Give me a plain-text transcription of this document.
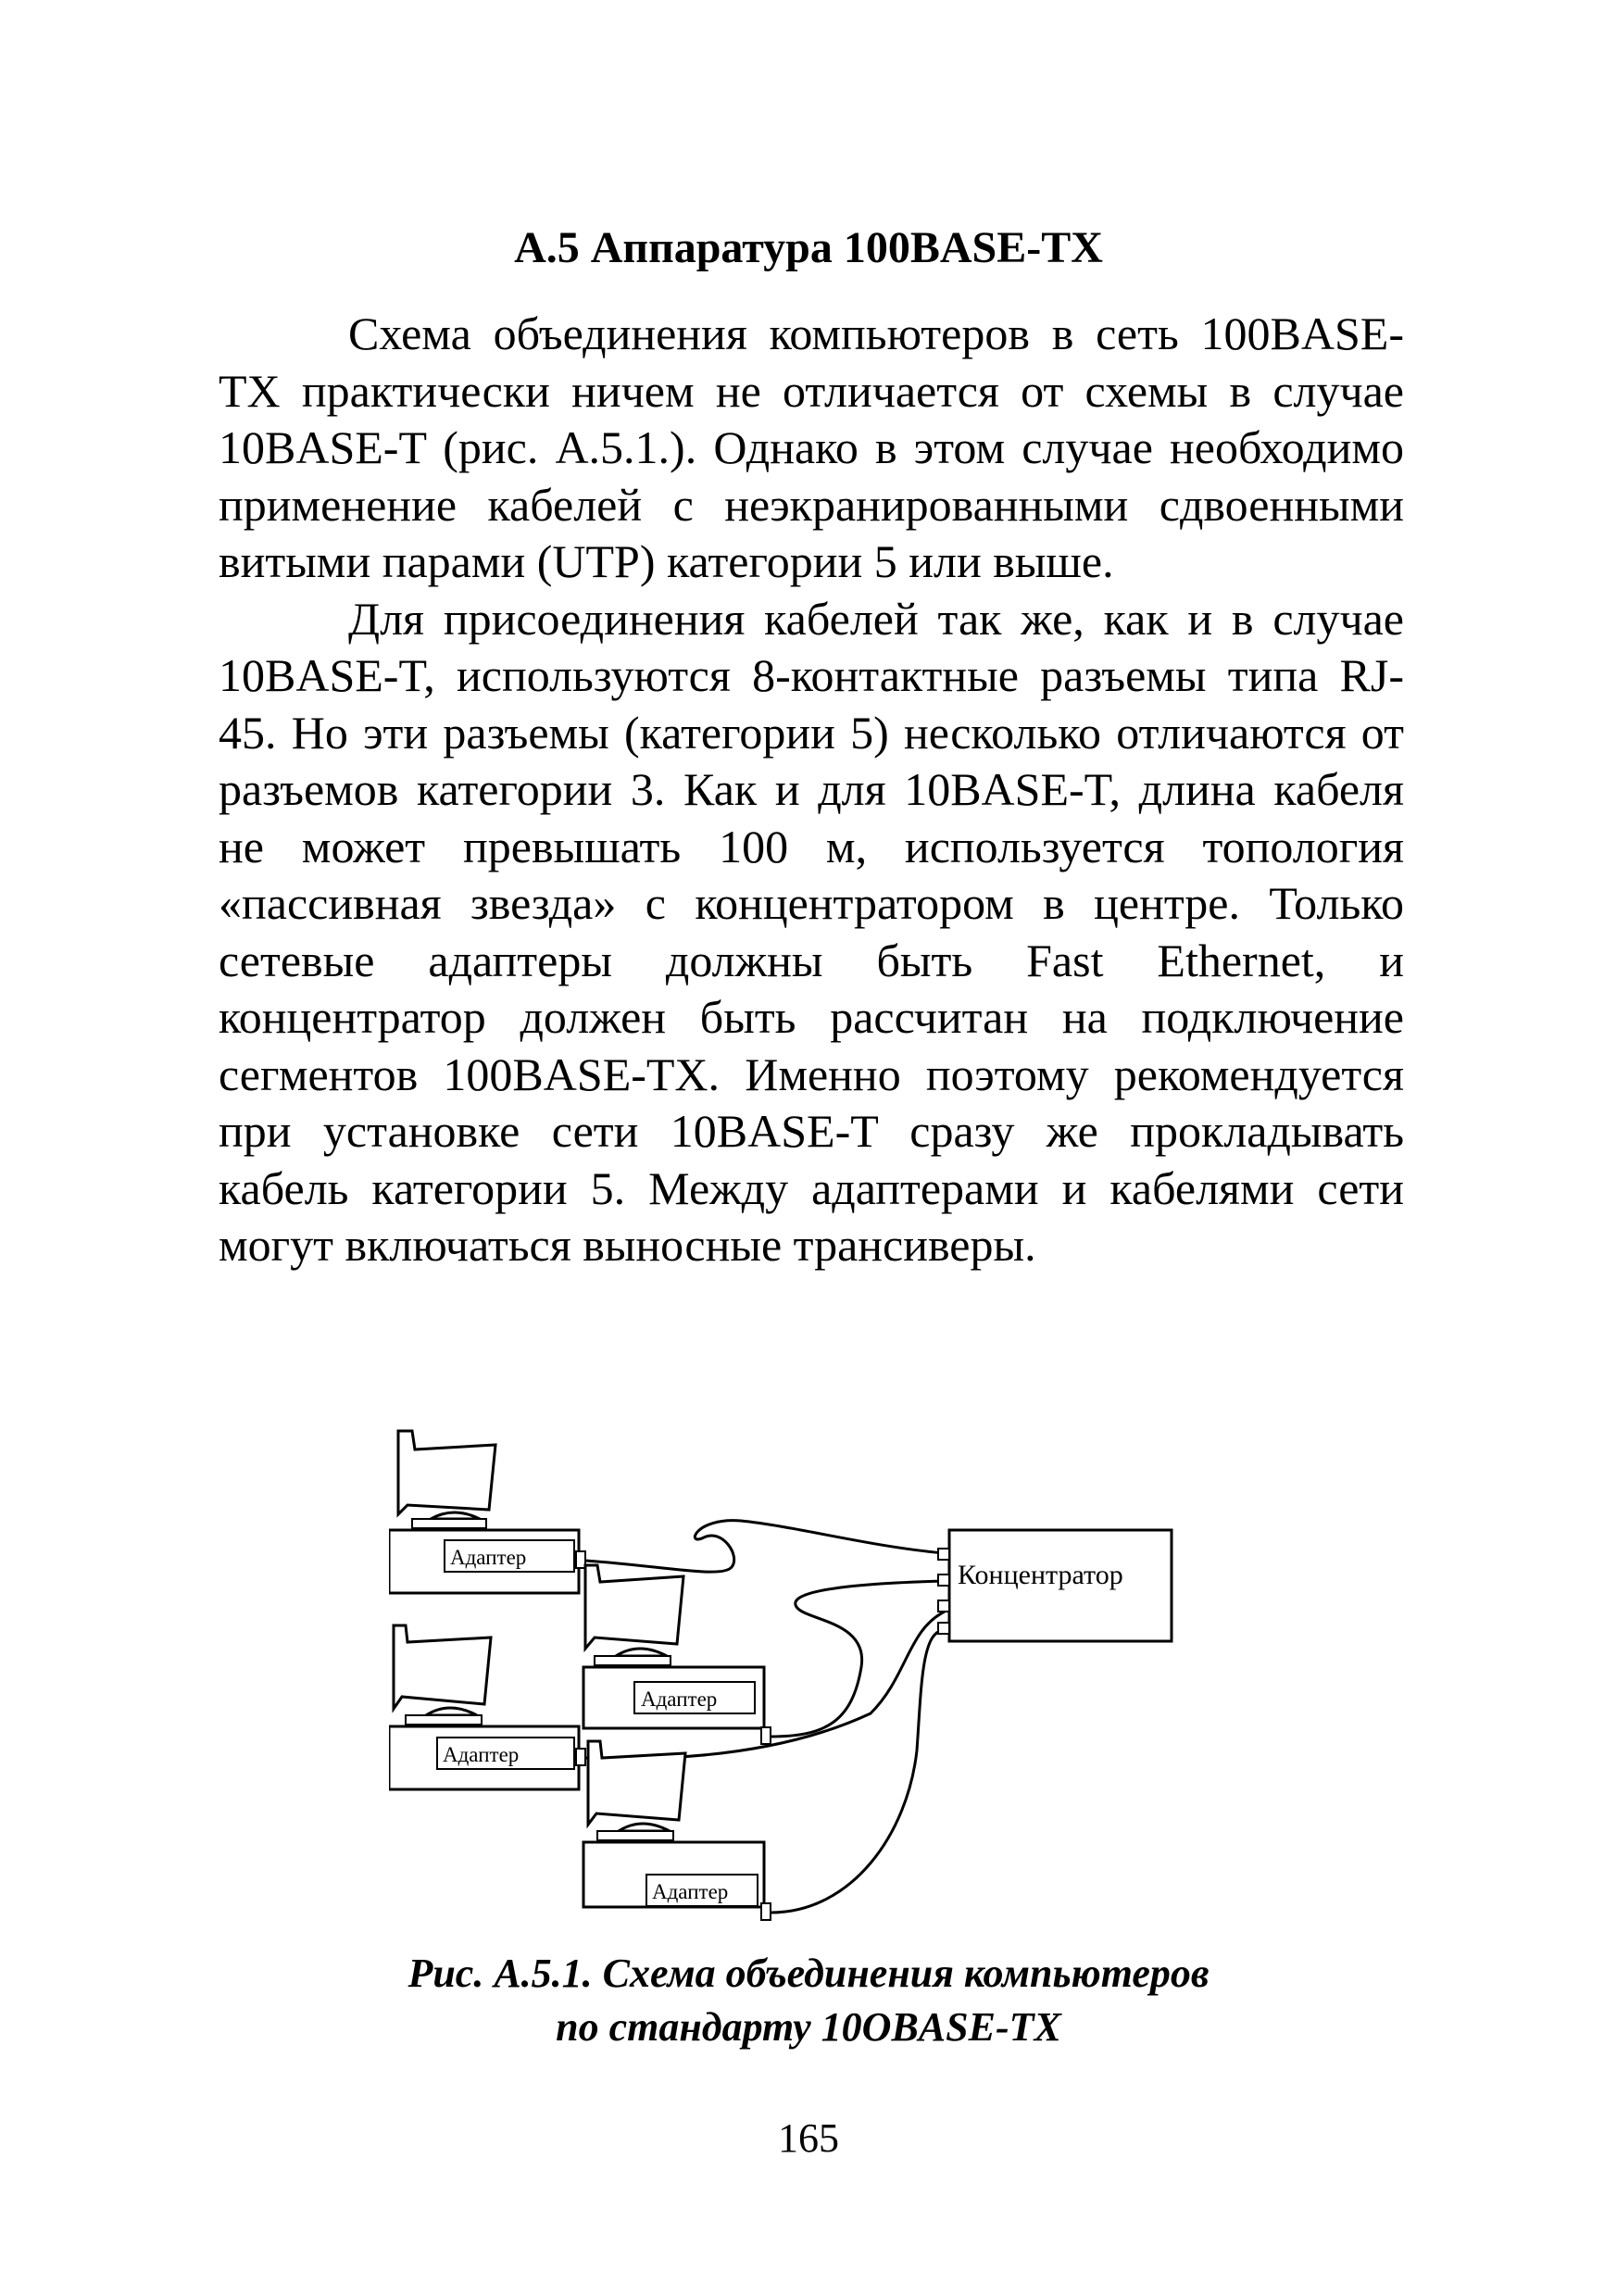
А.5 Аппаратура 100BASE-TX

Схема объединения компьютеров в сеть 100BASE-TX практически ничем не отличается от схемы в случае 10BASE-T (рис. А.5.1.). Однако в этом случае необходимо применение кабелей с неэкранированными сдвоенными витыми парами (UTP) категории 5 или выше.

Для присоединения кабелей так же, как и в случае 10BASE-T, используются 8-контактные разъемы типа RJ-45. Но эти разъемы (категории 5) несколько отличаются от разъемов категории 3. Как и для 10BASE-T, длина кабеля не может превышать 100 м, используется топология «пассивная звезда» с концентратором в центре. Только сетевые адаптеры должны быть Fast Ethernet, и концентратор должен быть рассчитан на подключение сегментов 100BASE-TX. Именно поэтому рекомендуется при установке сети 10BASE-T сразу же прокладывать кабель категории 5. Между адаптерами и кабелями сети могут включаться выносные трансиверы.

Концентратор
Адаптер
Адаптер
Адаптер
Адаптер
Рис. А.5.1. Схема объединения компьютеров
по стандарту 10OBASE-TX
165
